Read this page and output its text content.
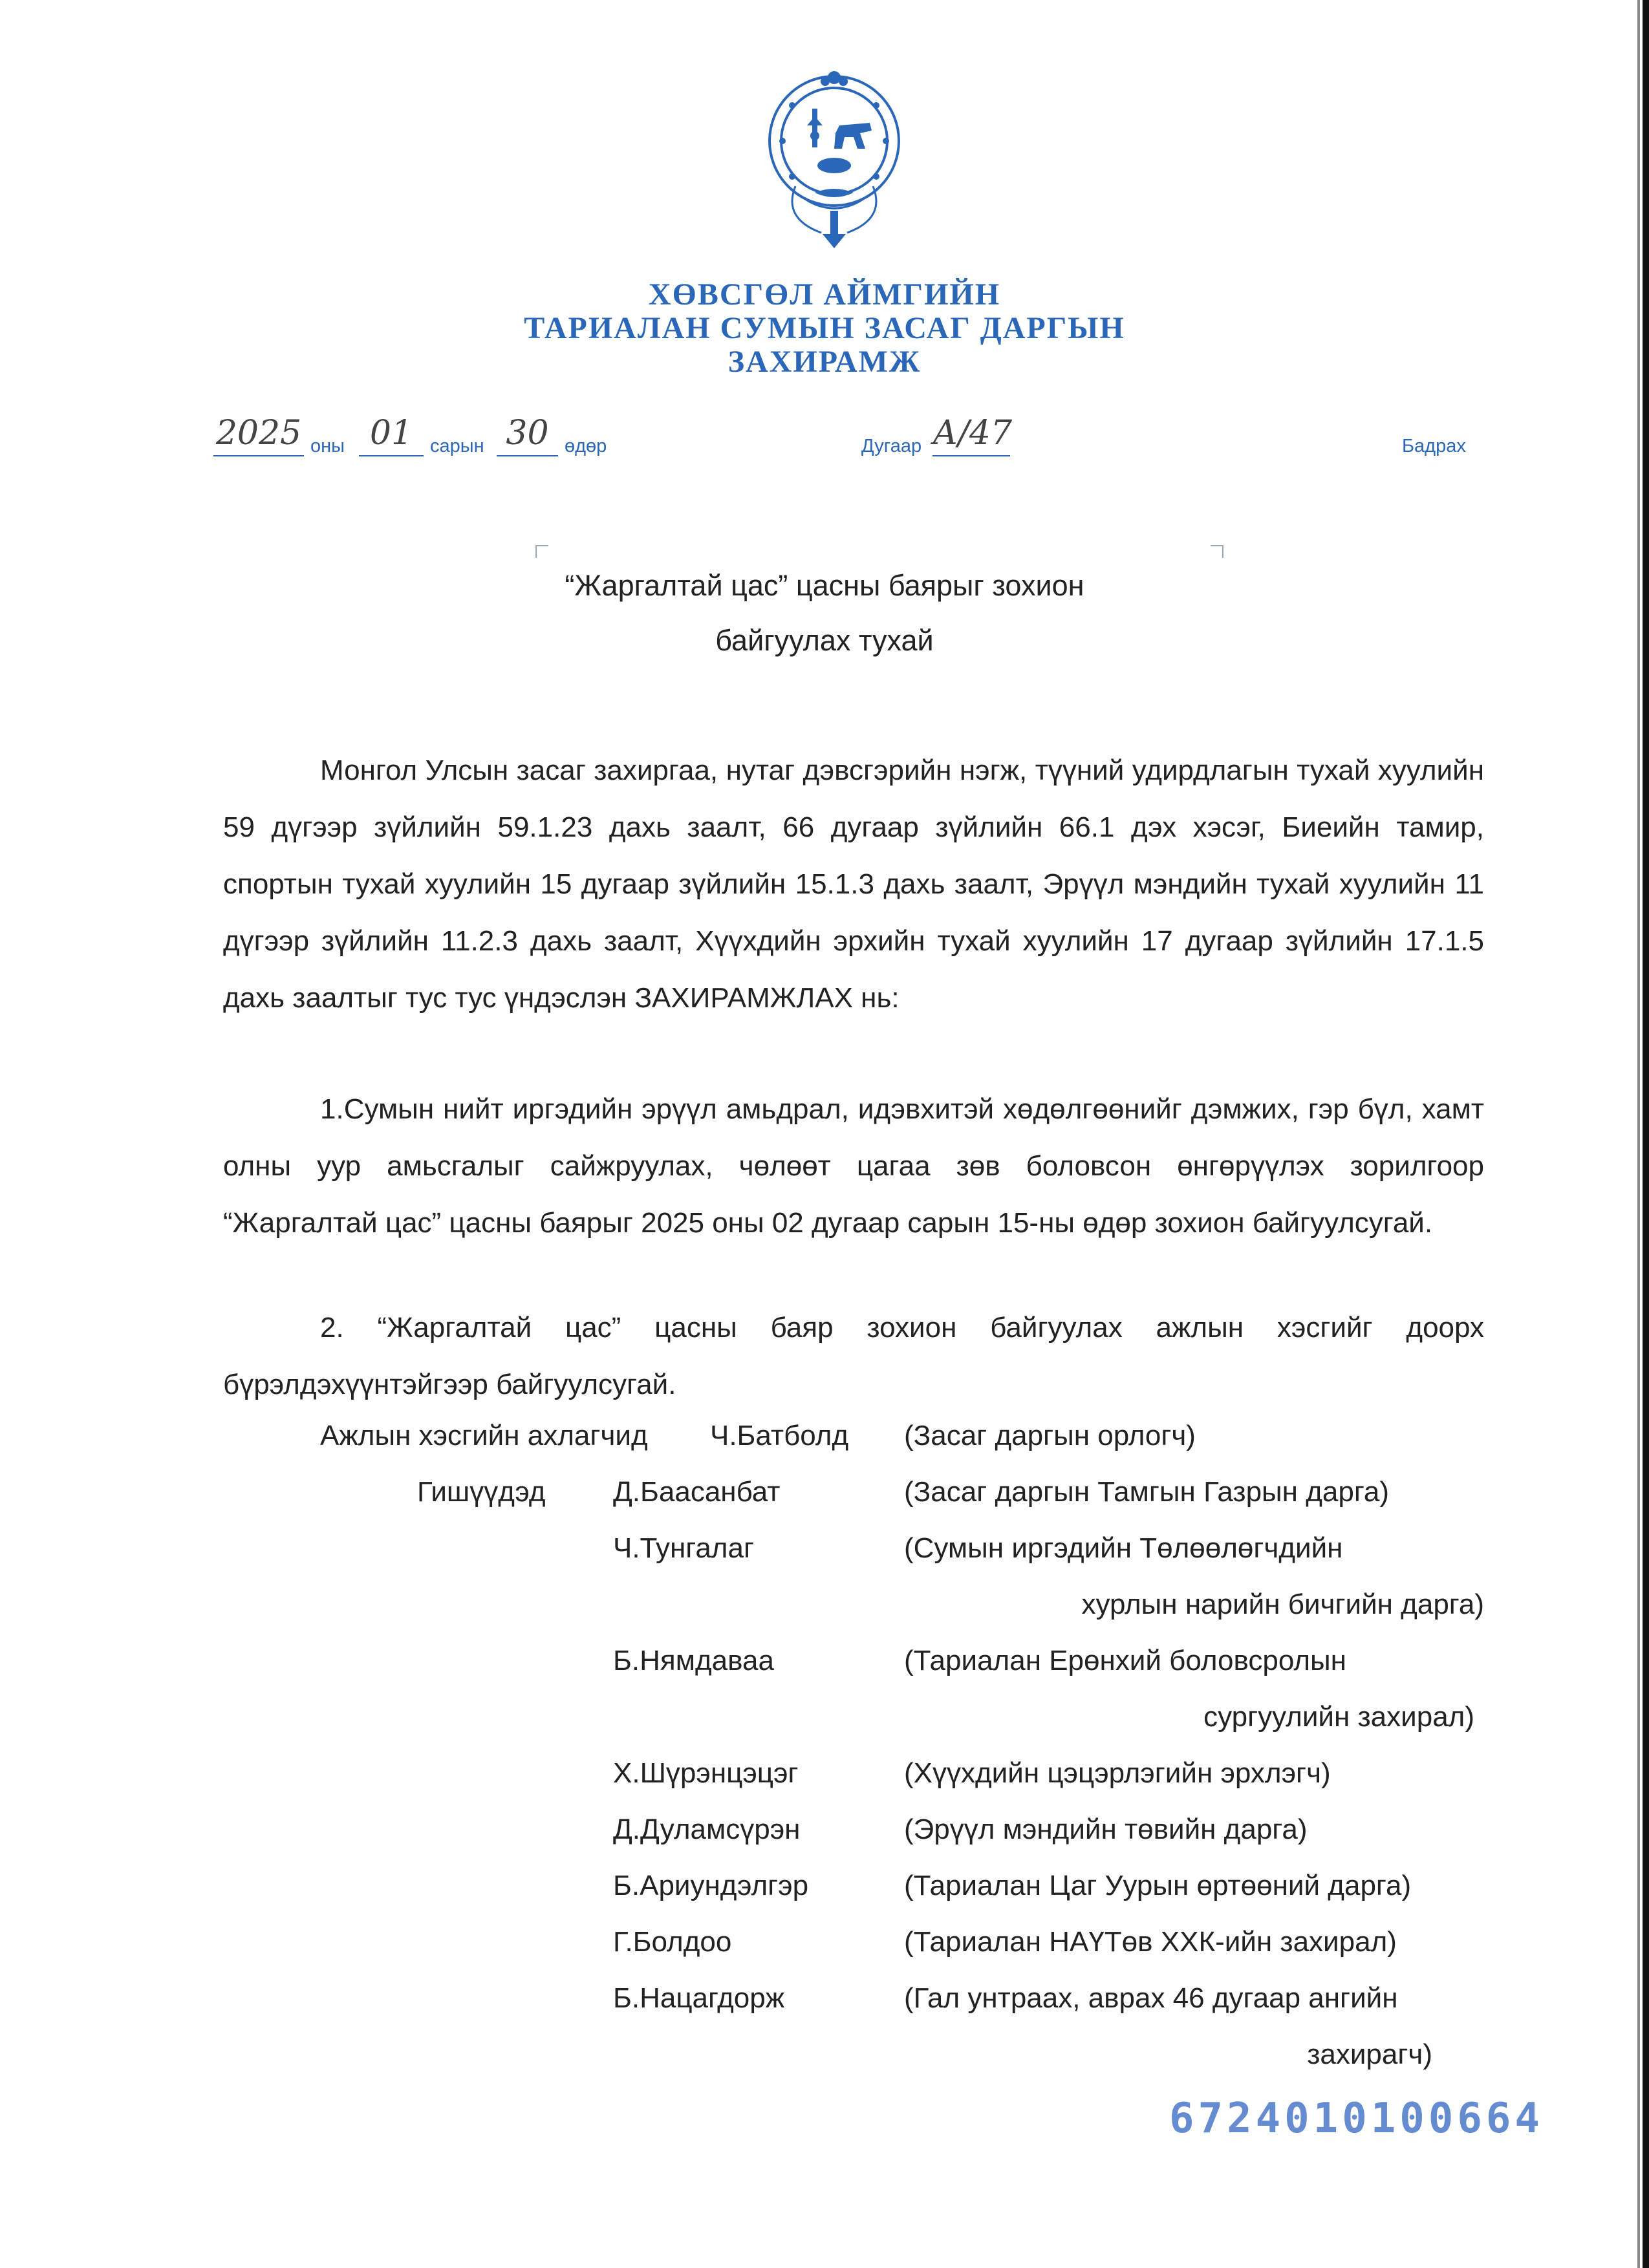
ХӨВСГӨЛ АЙМГИЙН
ТАРИАЛАН СУМЫН ЗАСАГ ДАРГЫН
ЗАХИРАМЖ
2025 оны 01 сарын 30 өдөр	Дугаар А/47	Бадрах
“Жаргалтай цас” цасны баярыг зохион
байгуулах тухай
Монгол Улсын засаг захиргаа, нутаг дэвсгэрийн нэгж, түүний удирдлагын тухай хуулийн 59 дүгээр зүйлийн 59.1.23 дахь заалт, 66 дугаар зүйлийн 66.1 дэх хэсэг, Биеийн тамир, спортын тухай хуулийн 15 дугаар зүйлийн 15.1.3 дахь заалт, Эрүүл мэндийн тухай хуулийн 11 дүгээр зүйлийн 11.2.3 дахь заалт, Хүүхдийн эрхийн тухай хуулийн 17 дугаар зүйлийн 17.1.5 дахь заалтыг тус тус үндэслэн ЗАХИРАМЖЛАХ нь:
1.Сумын нийт иргэдийн эрүүл амьдрал, идэвхитэй хөдөлгөөнийг дэмжих, гэр бүл, хамт олны уур амьсгалыг сайжруулах, чөлөөт цагаа зөв боловсон өнгөрүүлэх зорилгоор “Жаргалтай цас” цасны баярыг 2025 оны 02 дугаар сарын 15-ны өдөр зохион байгуулсугай.
2. “Жаргалтай цас” цасны баяр зохион байгуулах ажлын хэсгийг доорх бүрэлдэхүүнтэйгээр байгуулсугай.
Ажлын хэсгийн ахлагчид Ч.Батболд (Засаг даргын орлогч)
Гишүүдэд Д.Баасанбат	(Засаг даргын Тамгын Газрын дарга)
Ч.Тунгалаг	(Сумын иргэдийн Төлөөлөгчдийн
хурлын нарийн бичгийн дарга)
Б.Нямдаваа	(Тариалан Ерөнхий боловсролын
сургуулийн захирал)
Х.Шүрэнцэцэг	(Хүүхдийн цэцэрлэгийн эрхлэгч)
Д.Дуламсүрэн	(Эрүүл мэндийн төвийн дарга)
Б.Ариундэлгэр	(Тариалан Цаг Уурын өртөөний дарга)
Г.Болдоо	(Тариалан НАҮТөв ХХК-ийн захирал)
Б.Нацагдорж	(Гал унтраах, аврах 46 дугаар ангийн
захирагч)
6724010100664
